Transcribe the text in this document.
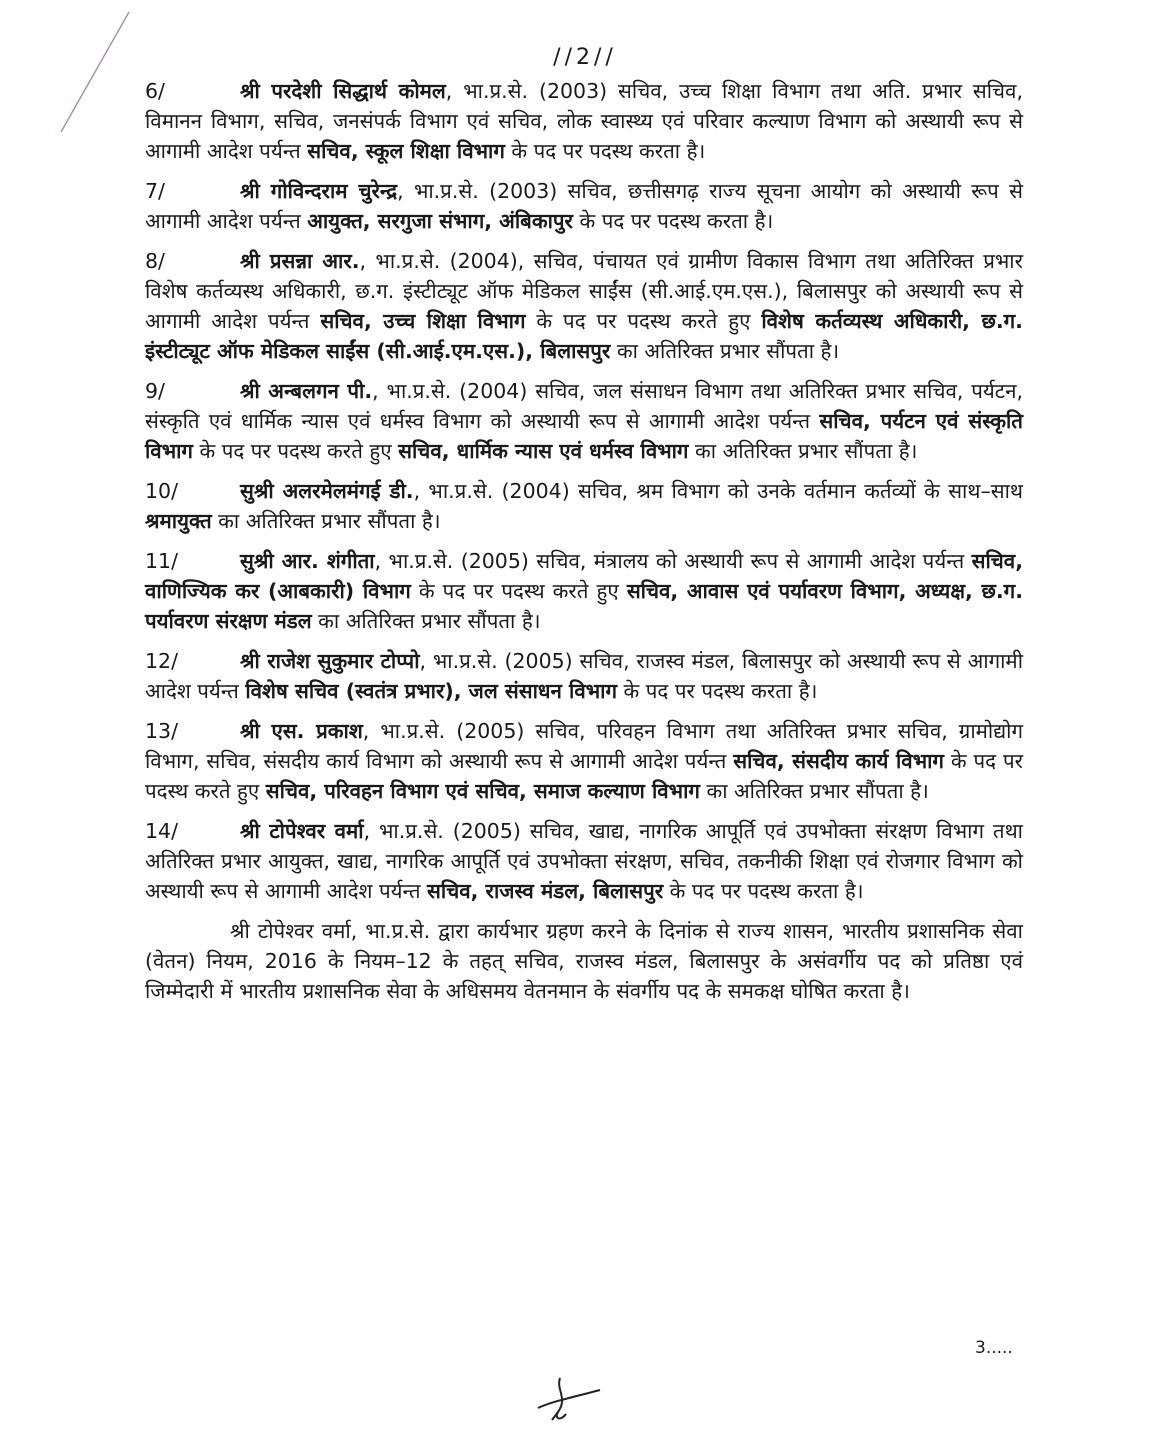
//2//

6/	श्री परदेशी सिद्धार्थ कोमल, भा.प्र.से. (2003) सचिव, उच्च शिक्षा विभाग तथा अति. प्रभार सचिव, विमानन विभाग, सचिव, जनसंपर्क विभाग एवं सचिव, लोक स्वास्थ्य एवं परिवार कल्याण विभाग को अस्थायी रूप से आगामी आदेश पर्यन्त सचिव, स्कूल शिक्षा विभाग के पद पर पदस्थ करता है।

7/	श्री गोविन्दराम चुरेन्द्र, भा.प्र.से. (2003) सचिव, छत्तीसगढ़ राज्य सूचना आयोग को अस्थायी रूप से आगामी आदेश पर्यन्त आयुक्त, सरगुजा संभाग, अंबिकापुर के पद पर पदस्थ करता है।

8/	श्री प्रसन्ना आर., भा.प्र.से. (2004), सचिव, पंचायत एवं ग्रामीण विकास विभाग तथा अतिरिक्त प्रभार विशेष कर्तव्यस्थ अधिकारी, छ.ग. इंस्टीट्यूट ऑफ मेडिकल साईंस (सी.आई.एम.एस.), बिलासपुर को अस्थायी रूप से आगामी आदेश पर्यन्त सचिव, उच्च शिक्षा विभाग के पद पर पदस्थ करते हुए विशेष कर्तव्यस्थ अधिकारी, छ.ग. इंस्टीट्यूट ऑफ मेडिकल साईंस (सी.आई.एम.एस.), बिलासपुर का अतिरिक्त प्रभार सौंपता है।

9/	श्री अन्बलगन पी., भा.प्र.से. (2004) सचिव, जल संसाधन विभाग तथा अतिरिक्त प्रभार सचिव, पर्यटन, संस्कृति एवं धार्मिक न्यास एवं धर्मस्व विभाग को अस्थायी रूप से आगामी आदेश पर्यन्त सचिव, पर्यटन एवं संस्कृति विभाग के पद पर पदस्थ करते हुए सचिव, धार्मिक न्यास एवं धर्मस्व विभाग का अतिरिक्त प्रभार सौंपता है।

10/	सुश्री अलरमेलमंगई डी., भा.प्र.से. (2004) सचिव, श्रम विभाग को उनके वर्तमान कर्तव्यों के साथ–साथ श्रमायुक्त का अतिरिक्त प्रभार सौंपता है।

11/	सुश्री आर. शंगीता, भा.प्र.से. (2005) सचिव, मंत्रालय को अस्थायी रूप से आगामी आदेश पर्यन्त सचिव, वाणिज्यिक कर (आबकारी) विभाग के पद पर पदस्थ करते हुए सचिव, आवास एवं पर्यावरण विभाग, अध्यक्ष, छ.ग. पर्यावरण संरक्षण मंडल का अतिरिक्त प्रभार सौंपता है।

12/	श्री राजेश सुकुमार टोप्पो, भा.प्र.से. (2005) सचिव, राजस्व मंडल, बिलासपुर को अस्थायी रूप से आगामी आदेश पर्यन्त विशेष सचिव (स्वतंत्र प्रभार), जल संसाधन विभाग के पद पर पदस्थ करता है।

13/	श्री एस. प्रकाश, भा.प्र.से. (2005) सचिव, परिवहन विभाग तथा अतिरिक्त प्रभार सचिव, ग्रामोद्योग विभाग, सचिव, संसदीय कार्य विभाग को अस्थायी रूप से आगामी आदेश पर्यन्त सचिव, संसदीय कार्य विभाग के पद पर पदस्थ करते हुए सचिव, परिवहन विभाग एवं सचिव, समाज कल्याण विभाग का अतिरिक्त प्रभार सौंपता है।

14/	श्री टोपेश्वर वर्मा, भा.प्र.से. (2005) सचिव, खाद्य, नागरिक आपूर्ति एवं उपभोक्ता संरक्षण विभाग तथा अतिरिक्त प्रभार आयुक्त, खाद्य, नागरिक आपूर्ति एवं उपभोक्ता संरक्षण, सचिव, तकनीकी शिक्षा एवं रोजगार विभाग को अस्थायी रूप से आगामी आदेश पर्यन्त सचिव, राजस्व मंडल, बिलासपुर के पद पर पदस्थ करता है।

श्री टोपेश्वर वर्मा, भा.प्र.से. द्वारा कार्यभार ग्रहण करने के दिनांक से राज्य शासन, भारतीय प्रशासनिक सेवा (वेतन) नियम, 2016 के नियम–12 के तहत् सचिव, राजस्व मंडल, बिलासपुर के असंवर्गीय पद को प्रतिष्ठा एवं जिम्मेदारी में भारतीय प्रशासनिक सेवा के अधिसमय वेतनमान के संवर्गीय पद के समकक्ष घोषित करता है।

3.....
